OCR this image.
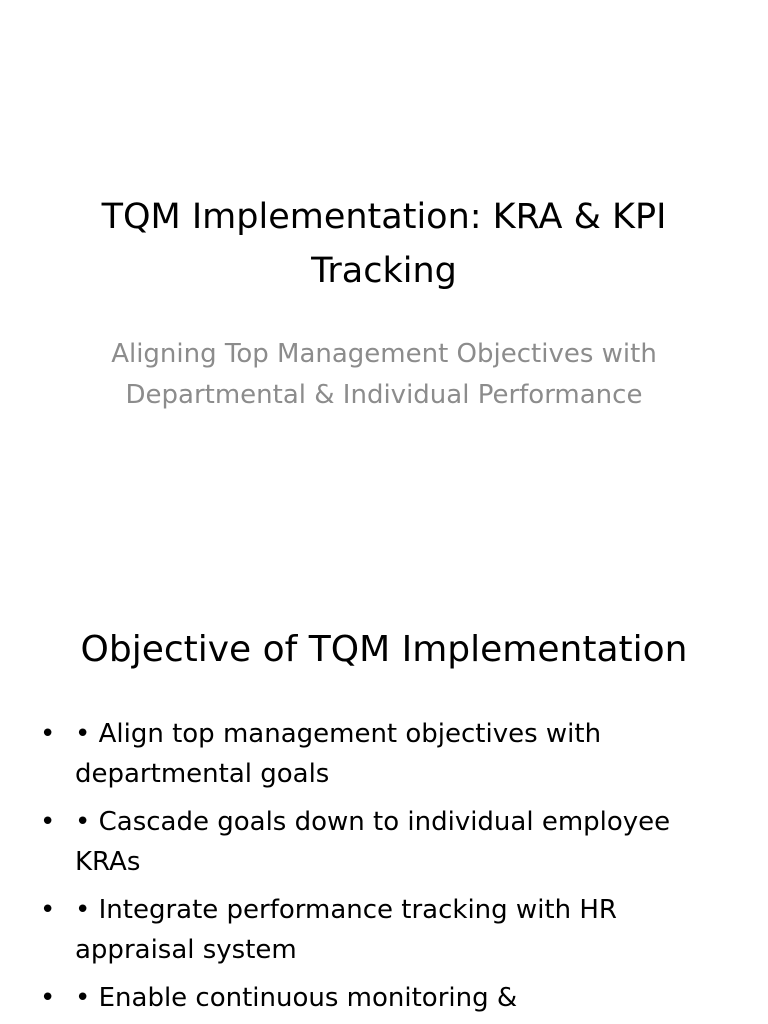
TQM Implementation: KRA & KPI Tracking

Aligning Top Management Objectives with Departmental & Individual Performance

Objective of TQM Implementation
• • Align top management objectives with departmental goals
• • Cascade goals down to individual employee KRAs
• • Integrate performance tracking with HR appraisal system
• • Enable continuous monitoring &
